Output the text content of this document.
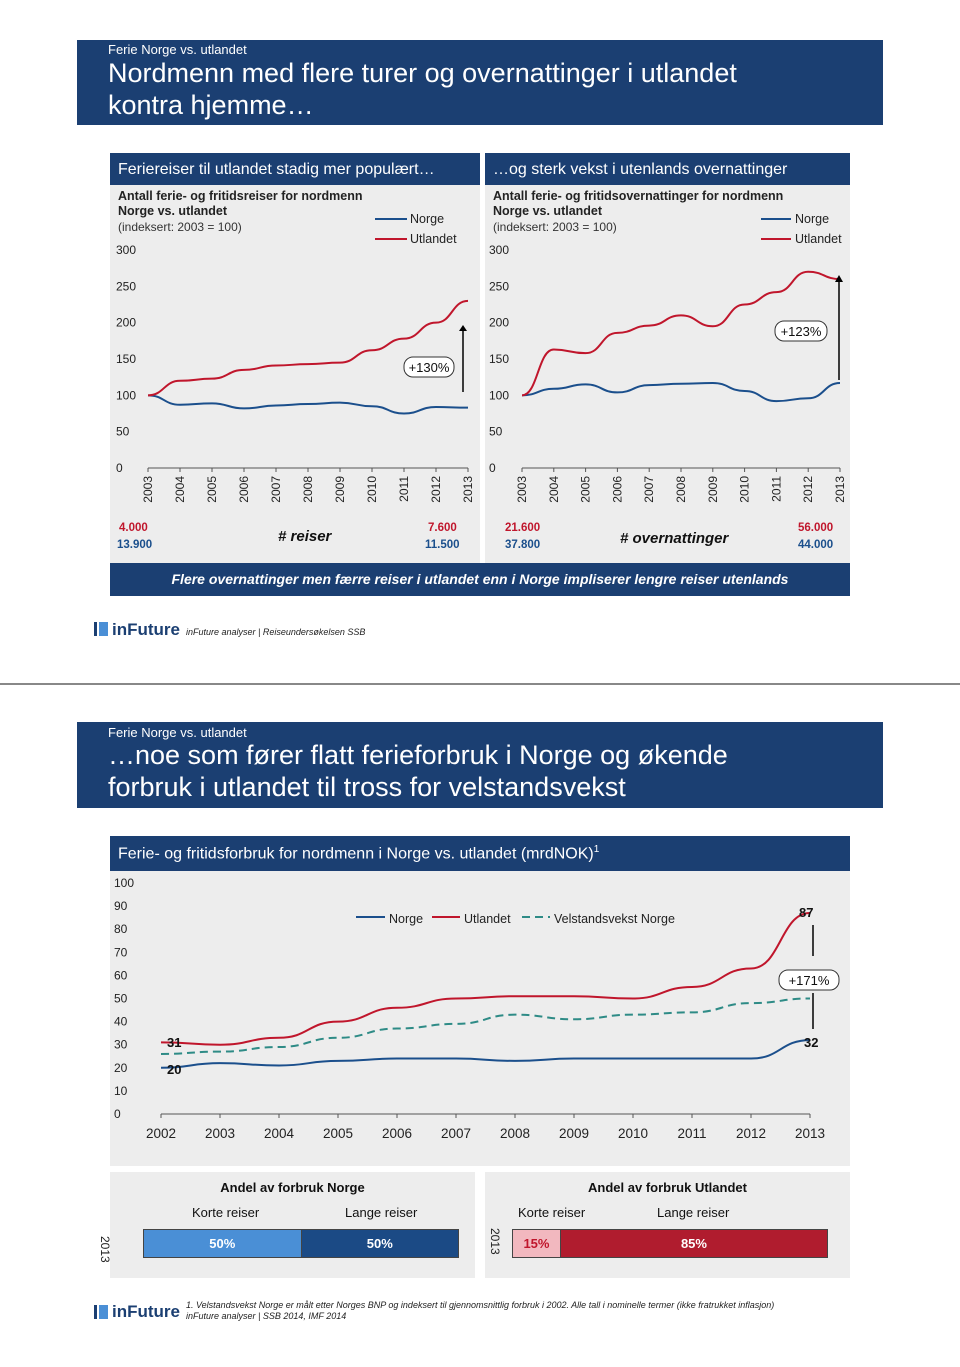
Ferie Norge vs. utlandet
Nordmenn med flere turer og overnattinger i utlandet
kontra hjemme…
Feriereiser til utlandet stadig mer populært…
Antall ferie- og fritidsreiser for nordmenn
Norge vs. utlandet
(indeksert: 2003 = 100)
0
50
100
150
200
250
300
2003 2004 2005 2006 2007 2008 2009 2010 2011 2012 2013
Norge
Utlandet
+130%
4.000
13.900	# reiser	7.600
11.500
…og sterk vekst i utenlands overnattinger
Antall ferie- og fritidsovernattinger for nordmenn
Norge vs. utlandet
(indeksert: 2003 = 100)
0
50
100
150
200
250
300
2003 2004 2005 2006 2007 2008 2009 2010 2011 2012 2013
Norge
Utlandet
+123%
21.600
37.800	# overnattinger
56.000
44.000
Flere overnattinger men færre reiser i utlandet enn i Norge impliserer lengre reiser utenlands
inFuture inFuture analyser | Reiseundersøkelsen SSB
Ferie Norge vs. utlandet
…noe som fører flatt ferieforbruk i Norge og økende
forbruk i utlandet til tross for velstandsvekst
Ferie- og fritidsforbruk for nordmenn i Norge vs. utlandet (mrdNOK)$^1$
0
10
20
30
40
50
60
70
80
90
100
2002 2003 2004 2005 2006 2007 2008 2009 2010 2011 2012 2013
Norge	Utlandet	Velstandsvekst Norge
31
20
87
32
+171%
Andel av forbruk Norge
Korte reiser	Lange reiser
2013	50%	50%
Andel av forbruk Utlandet
Korte reiser	Lange reiser
2013 15%	85%
inFuture 1. Velstandsvekst Norge er målt etter Norges BNP og indeksert til gjennomsnittlig forbruk i 2002. Alle tall i nominelle termer (ikke fratrukket inflasjon)
inFuture analyser | SSB 2014, IMF 2014
